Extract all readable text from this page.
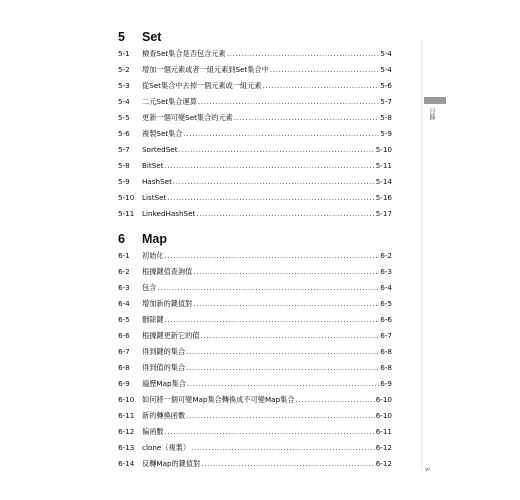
5	Set
5-1	檢查Set集合是否包含元素 .....	5-4
5-2	增加一個元素或者一組元素到Set集合中 .....	5-4
5-3	從Set集合中去掉一個元素或一組元素 .....	5-6
5-4	二元Set集合運算 .....	5-7
5-5	更新一個可變Set集合的元素 .....	5-8
5-6	複製Set集合 .....	5-9
5-7	SortedSet .....	5-10
5-8	BitSet .....	5-11
5-9	HashSet .....	5-14
5-10	ListSet .....	5-16
5-11	LinkedHashSet .....	5-17
6	Map
6-1	初始化 .....	6-2
6-2	根據鍵值查詢值 .....	6-3
6-3	包含 .....	6-4
6-4	增加新的鍵值對 .....	6-5
6-5	刪除鍵 .....	6-6
6-6	根據鍵更新它的值 .....	6-7
6-7	得到鍵的集合 .....	6-8
6-8	得到值的集合 .....	6-8
6-9	遍歷Map集合 .....	6-9
6-10	如何將一個可變Map集合轉換成不可變Map集合 .....	6-10
6-11	新的轉換函數 .....	6-10
6-12	偏函數 .....	6-11
6-13	clone（複製） .....	6-12
6-14	反轉Map的鍵值對 .....	6-12
目錄
vi
